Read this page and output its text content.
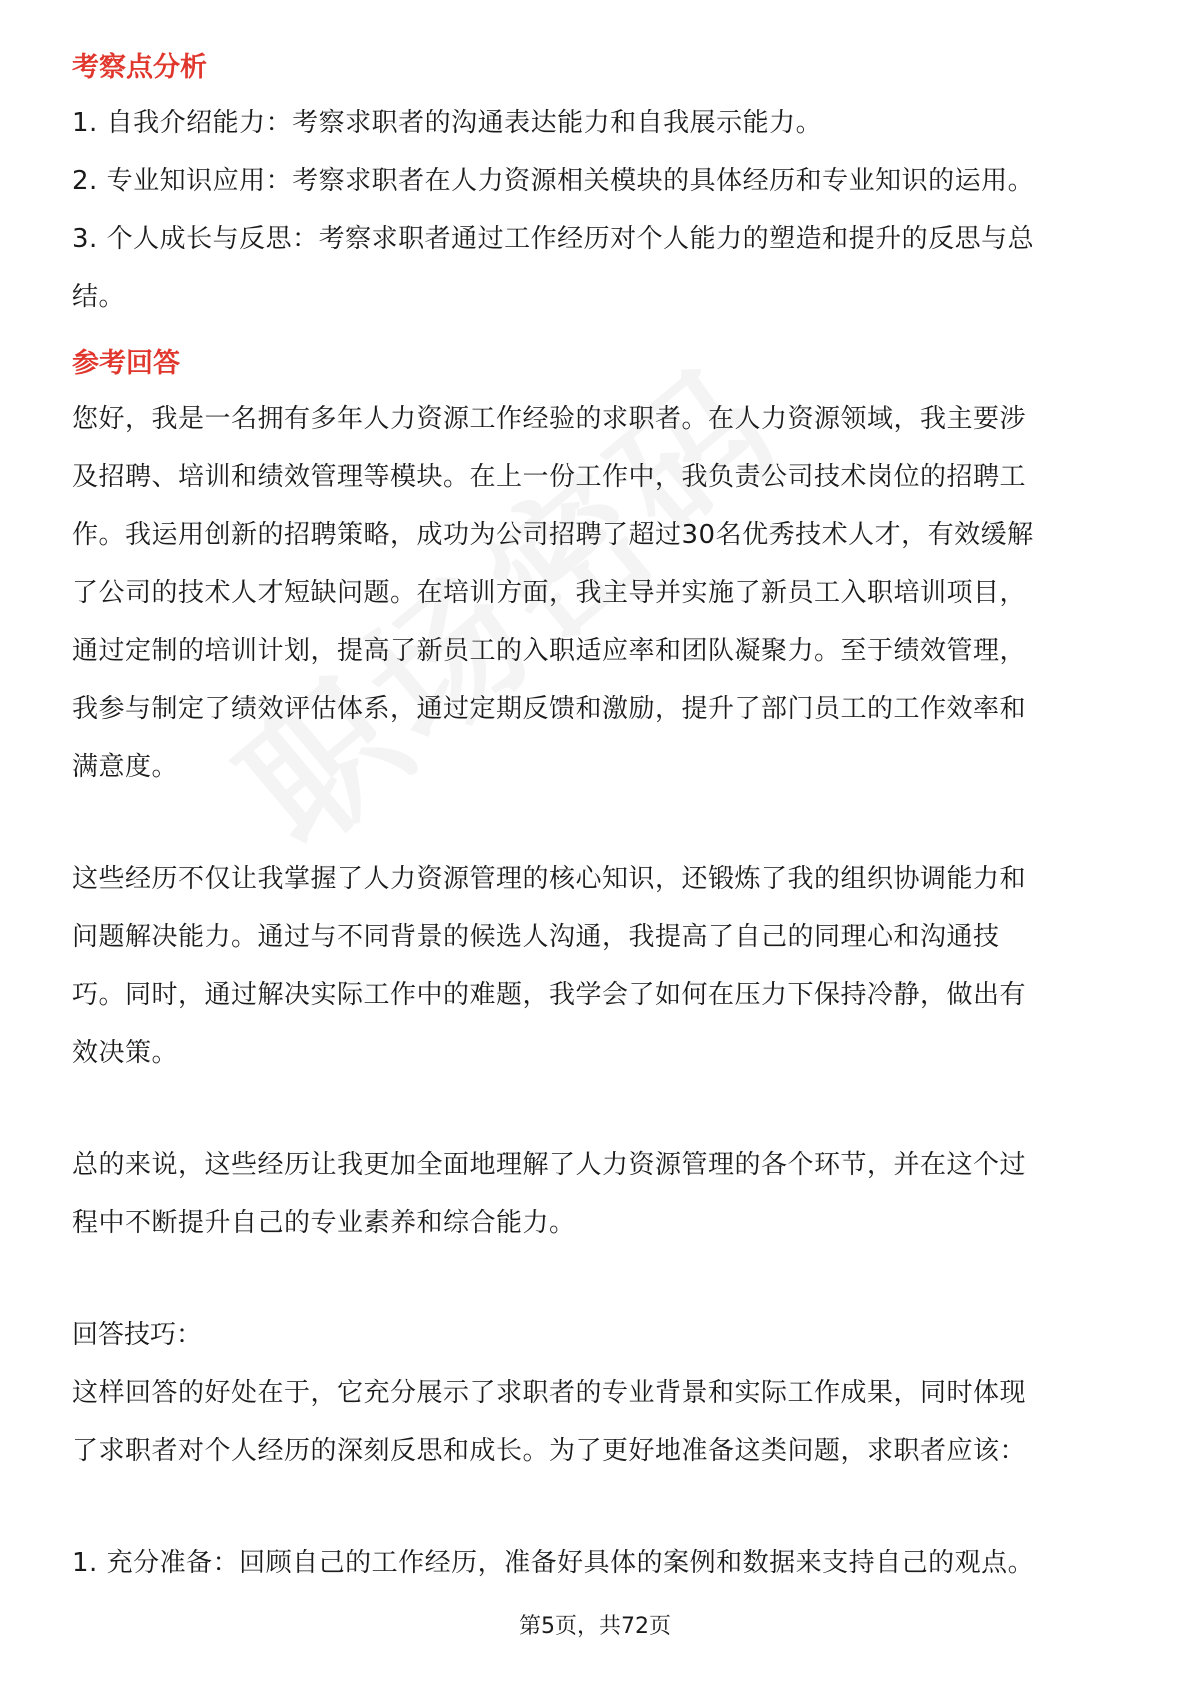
考察点分析

1. 自我介绍能力：考察求职者的沟通表达能力和自我展示能力。

2. 专业知识应用：考察求职者在人力资源相关模块的具体经历和专业知识的运用。

3. 个人成长与反思：考察求职者通过工作经历对个人能力的塑造和提升的反思与总

结。

参考回答

您好，我是一名拥有多年人力资源工作经验的求职者。在人力资源领域，我主要涉

及招聘、培训和绩效管理等模块。在上一份工作中，我负责公司技术岗位的招聘工

作。我运用创新的招聘策略，成功为公司招聘了超过30名优秀技术人才，有效缓解

了公司的技术人才短缺问题。在培训方面，我主导并实施了新员工入职培训项目，

通过定制的培训计划，提高了新员工的入职适应率和团队凝聚力。至于绩效管理，

我参与制定了绩效评估体系，通过定期反馈和激励，提升了部门员工的工作效率和

满意度。

这些经历不仅让我掌握了人力资源管理的核心知识，还锻炼了我的组织协调能力和

问题解决能力。通过与不同背景的候选人沟通，我提高了自己的同理心和沟通技

巧。同时，通过解决实际工作中的难题，我学会了如何在压力下保持冷静，做出有

效决策。

总的来说，这些经历让我更加全面地理解了人力资源管理的各个环节，并在这个过

程中不断提升自己的专业素养和综合能力。

回答技巧：

这样回答的好处在于，它充分展示了求职者的专业背景和实际工作成果，同时体现

了求职者对个人经历的深刻反思和成长。为了更好地准备这类问题，求职者应该：

1. 充分准备：回顾自己的工作经历，准备好具体的案例和数据来支持自己的观点。

第5页，共72页
